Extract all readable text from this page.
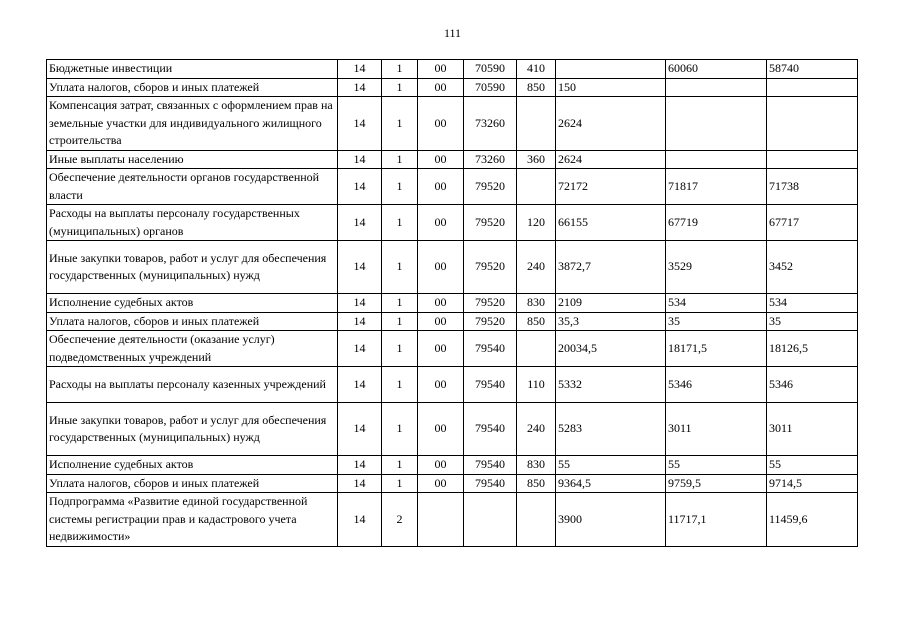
111
Бюджетные инвестиции	14	1	00	70590	410		60060	58740
Уплата налогов, сборов и иных платежей	14	1	00	70590	850	150		
Компенсация затрат, связанных с оформлением прав на земельные участки для индивидуального жилищного строительства	14	1	00	73260		2624		
Иные выплаты населению	14	1	00	73260	360	2624		
Обеспечение деятельности органов государственной власти	14	1	00	79520		72172	71817	71738
Расходы на выплаты персоналу государственных (муниципальных) органов	14	1	00	79520	120	66155	67719	67717
Иные закупки товаров, работ и услуг для обеспечения государственных (муниципальных) нужд	14	1	00	79520	240	3872,7	3529	3452
Исполнение судебных актов	14	1	00	79520	830	2109	534	534
Уплата налогов, сборов и иных платежей	14	1	00	79520	850	35,3	35	35
Обеспечение деятельности (оказание услуг) подведомственных учреждений	14	1	00	79540		20034,5	18171,5	18126,5
Расходы на выплаты персоналу казенных учреждений	14	1	00	79540	110	5332	5346	5346
Иные закупки товаров, работ и услуг для обеспечения государственных (муниципальных) нужд	14	1	00	79540	240	5283	3011	3011
Исполнение судебных актов	14	1	00	79540	830	55	55	55
Уплата налогов, сборов и иных платежей	14	1	00	79540	850	9364,5	9759,5	9714,5
Подпрограмма «Развитие единой государственной системы регистрации прав и кадастрового учета недвижимости»	14	2				3900	11717,1	11459,6
